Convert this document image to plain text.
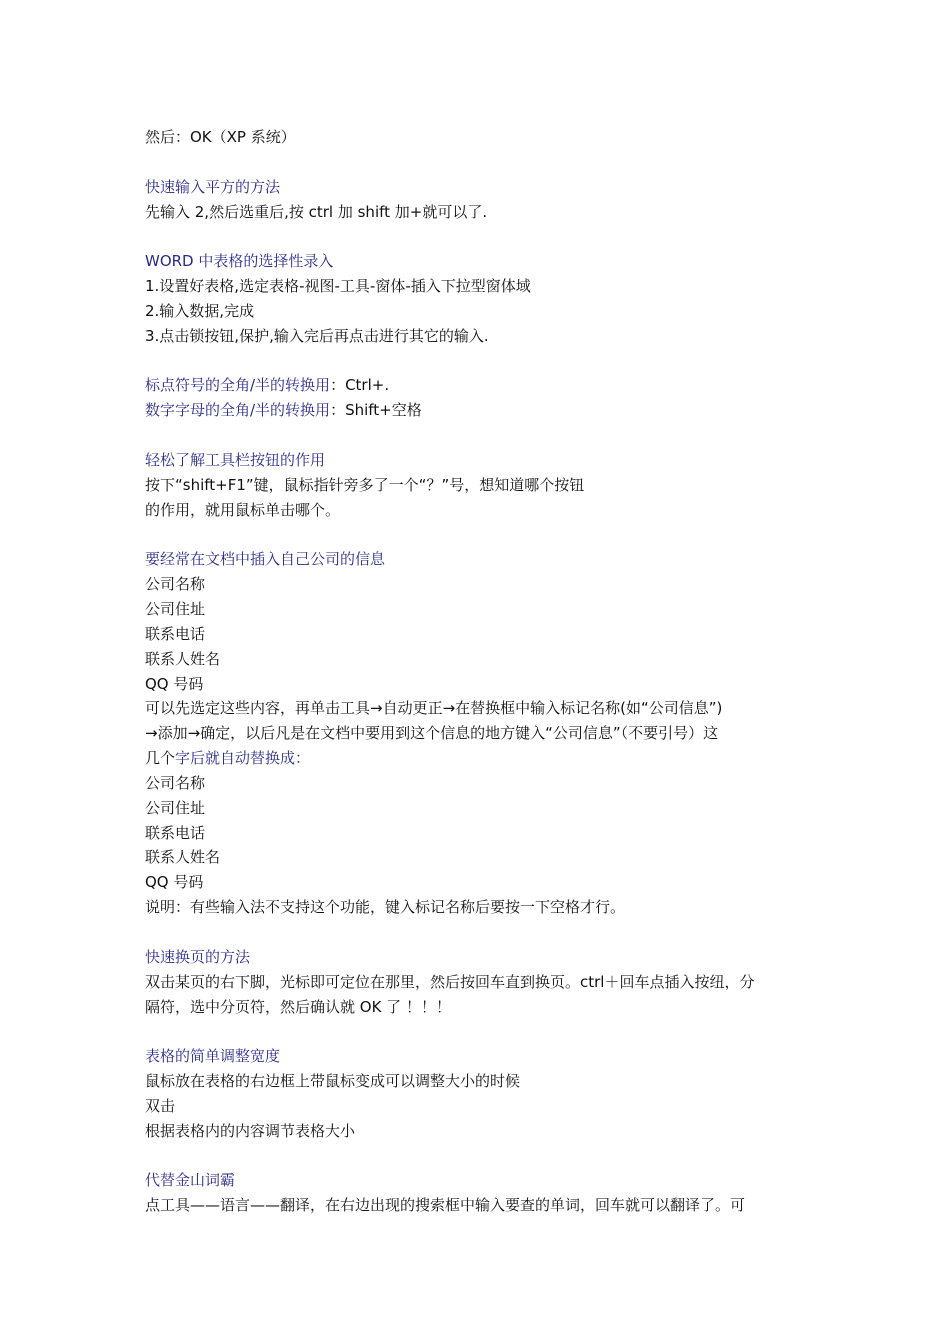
然后：OK（XP 系统）
快速输入平方的方法
先输入 2,然后选重后,按 ctrl 加 shift 加+就可以了.
WORD 中表格的选择性录入
1.设置好表格,选定表格-视图-工具-窗体-插入下拉型窗体域
2.输入数据,完成
3.点击锁按钮,保护,输入完后再点击进行其它的输入.
标点符号的全角/半的转换用：Ctrl+.
数字字母的全角/半的转换用：Shift+空格
轻松了解工具栏按钮的作用
按下“shift+F1”键，鼠标指针旁多了一个“？”号，想知道哪个按钮
的作用，就用鼠标单击哪个。
要经常在文档中插入自己公司的信息
公司名称
公司住址
联系电话
联系人姓名
QQ 号码
可以先选定这些内容，再单击工具→自动更正→在替换框中输入标记名称(如“公司信息”)
→添加→确定，以后凡是在文档中要用到这个信息的地方键入“公司信息”（不要引号）这
几个字后就自动替换成：
公司名称
公司住址
联系电话
联系人姓名
QQ 号码
说明：有些输入法不支持这个功能，键入标记名称后要按一下空格才行。
快速换页的方法
双击某页的右下脚，光标即可定位在那里，然后按回车直到换页。ctrl＋回车点插入按纽，分
隔符，选中分页符，然后确认就 OK 了 ！！！
表格的简单调整宽度
鼠标放在表格的右边框上带鼠标变成可以调整大小的时候
双击
根据表格内的内容调节表格大小
代替金山词霸
点工具——语言——翻译，在右边出现的搜索框中输入要查的单词，回车就可以翻译了。可
